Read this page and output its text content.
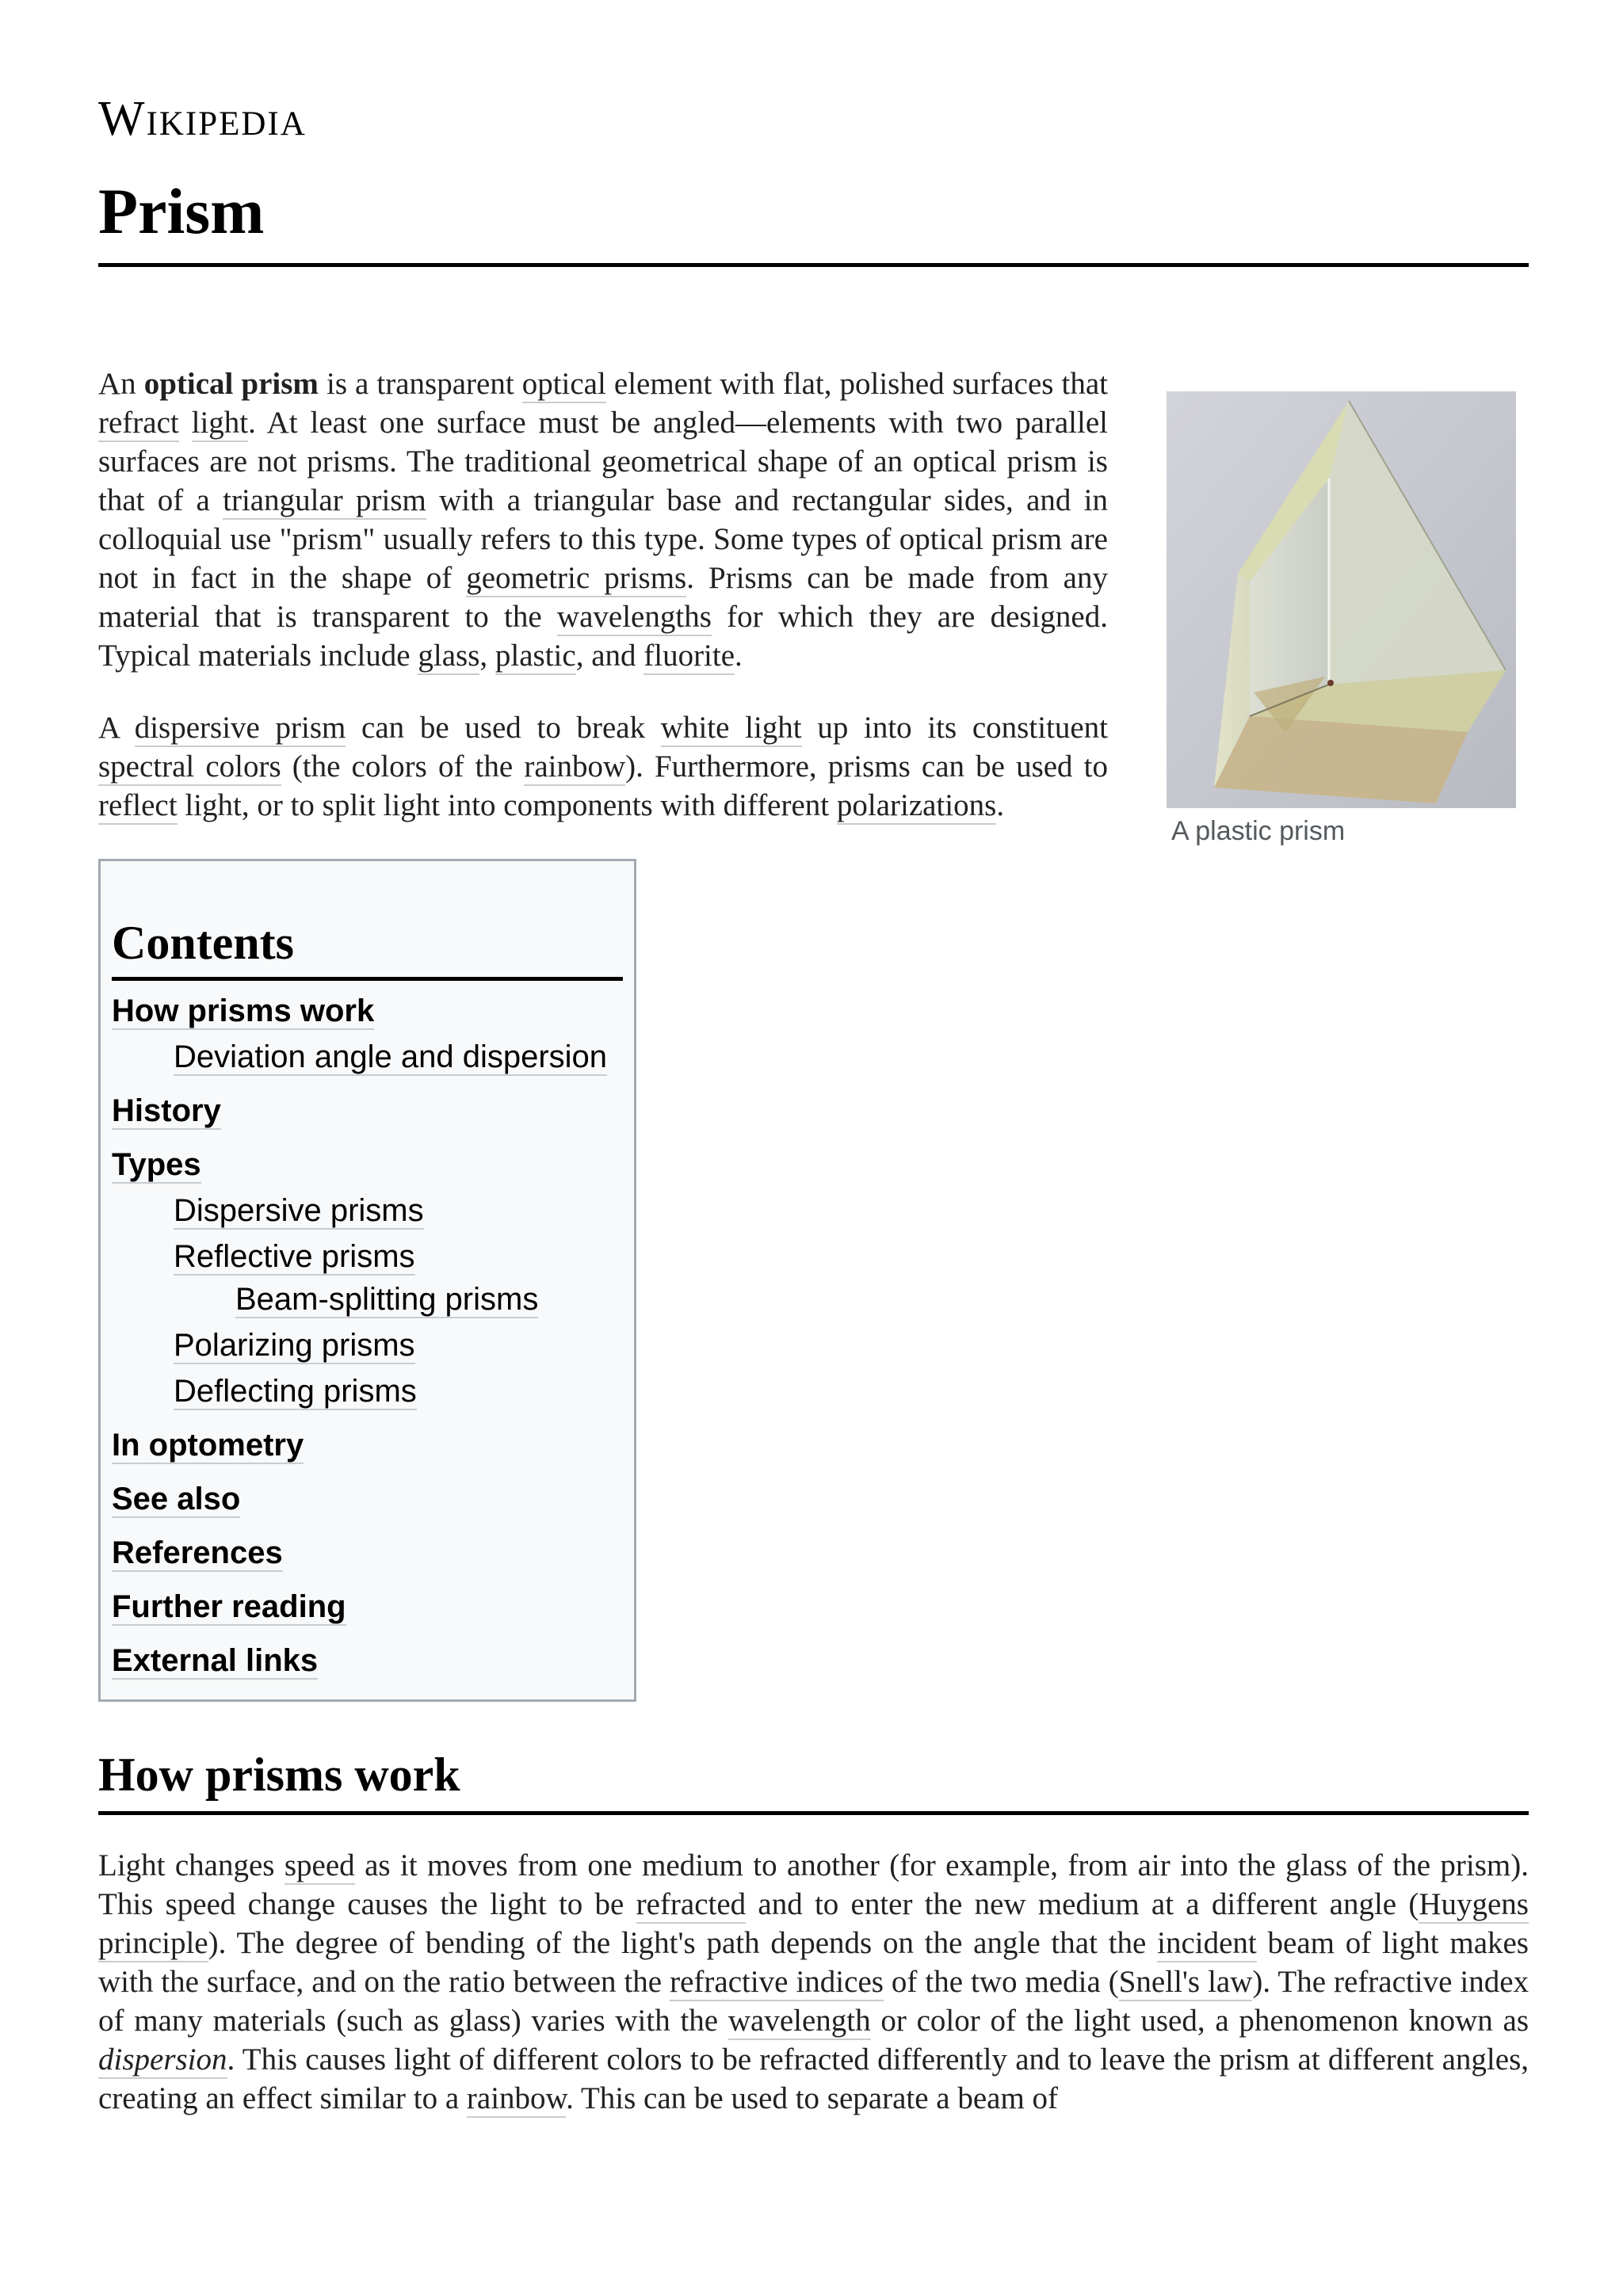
Wikipedia
Prism

An optical prism is a transparent optical element with flat, polished surfaces that refract light. At least one surface must be angled—elements with two parallel surfaces are not prisms. The traditional geometrical shape of an optical prism is that of a triangular prism with a triangular base and rectangular sides, and in colloquial use "prism" usually refers to this type. Some types of optical prism are not in fact in the shape of geometric prisms. Prisms can be made from any material that is transparent to the wavelengths for which they are designed. Typical materials include glass, plastic, and fluorite.

A dispersive prism can be used to break white light up into its constituent spectral colors (the colors of the rainbow). Furthermore, prisms can be used to reflect light, or to split light into components with different polarizations.

A plastic prism
Contents
How prisms work
Deviation angle and dispersion
History
Types
Dispersive prisms
Reflective prisms
Beam-splitting prisms
Polarizing prisms
Deflecting prisms
In optometry
See also
References
Further reading
External links
How prisms work

Light changes speed as it moves from one medium to another (for example, from air into the glass of the prism). This speed change causes the light to be refracted and to enter the new medium at a different angle (Huygens principle). The degree of bending of the light's path depends on the angle that the incident beam of light makes with the surface, and on the ratio between the refractive indices of the two media (Snell's law). The refractive index of many materials (such as glass) varies with the wavelength or color of the light used, a phenomenon known as dispersion. This causes light of different colors to be refracted differently and to leave the prism at different angles, creating an effect similar to a rainbow. This can be used to separate a beam of
